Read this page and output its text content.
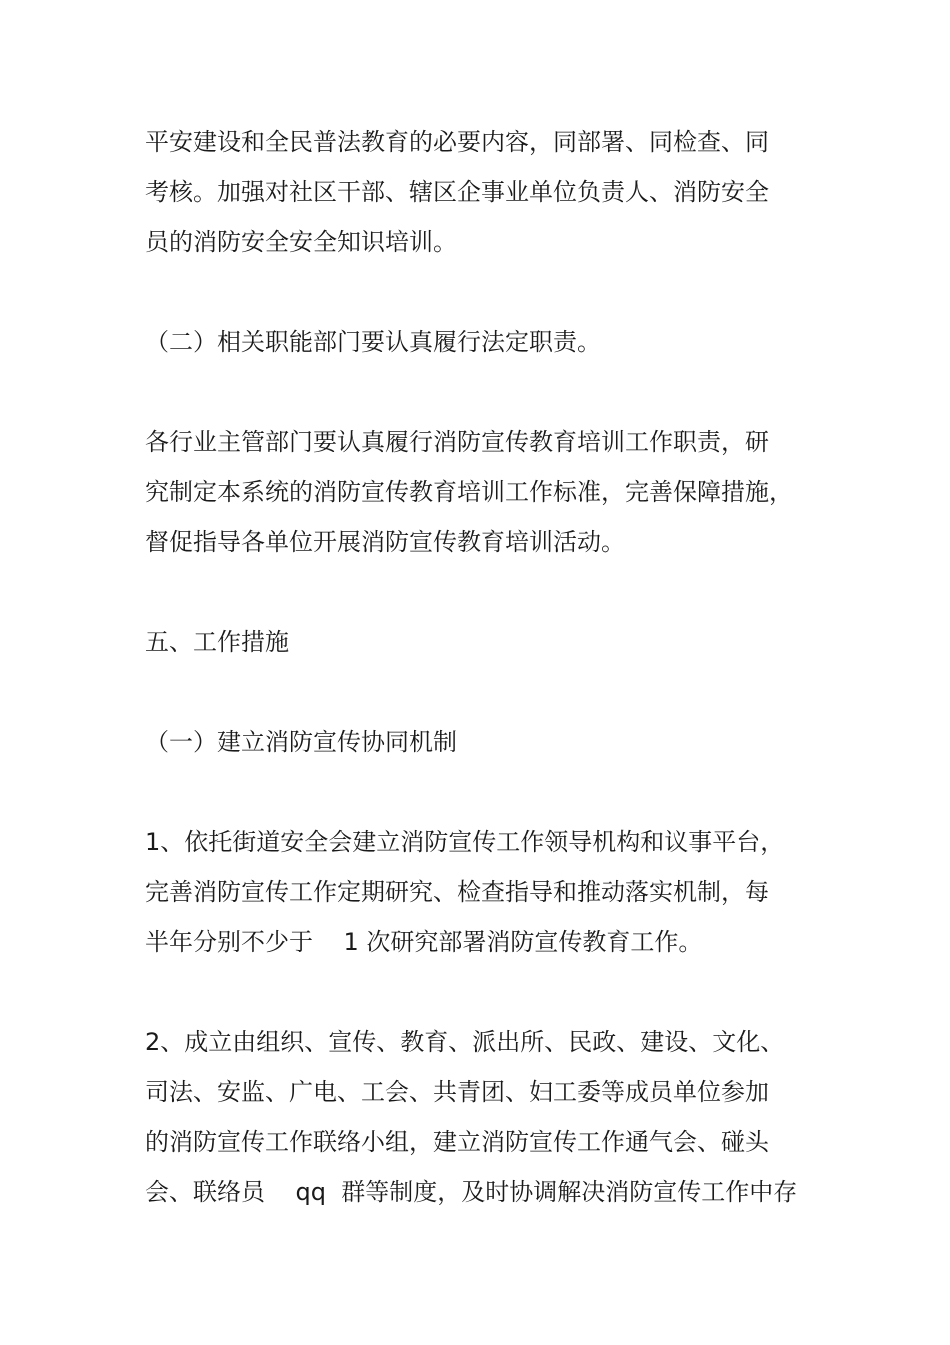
平安建设和全民普法教育的必要内容，同部署、同检查、同

考核。加强对社区干部、辖区企事业单位负责人、消防安全

员的消防安全安全知识培训。

（二）相关职能部门要认真履行法定职责。

各行业主管部门要认真履行消防宣传教育培训工作职责，研

究制定本系统的消防宣传教育培训工作标准，完善保障措施，

督促指导各单位开展消防宣传教育培训活动。

五、工作措施

（一）建立消防宣传协同机制

1、依托街道安全会建立消防宣传工作领导机构和议事平台，

完善消防宣传工作定期研究、检查指导和推动落实机制，每

半年分别不少于    1 次研究部署消防宣传教育工作。

2、成立由组织、宣传、教育、派出所、民政、建设、文化、

司法、安监、广电、工会、共青团、妇工委等成员单位参加

的消防宣传工作联络小组，建立消防宣传工作通气会、碰头

会、联络员    qq  群等制度，及时协调解决消防宣传工作中存
